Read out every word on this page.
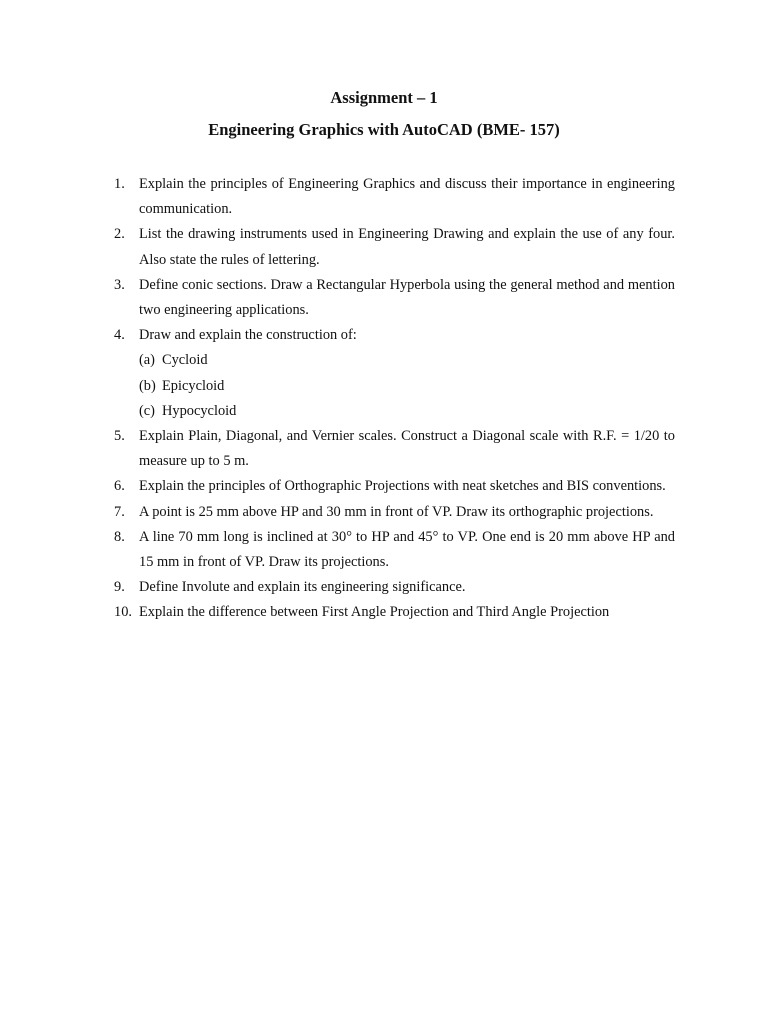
Assignment – 1
Engineering Graphics with AutoCAD (BME- 157)
1. Explain the principles of Engineering Graphics and discuss their importance in engineering communication.
2. List the drawing instruments used in Engineering Drawing and explain the use of any four. Also state the rules of lettering.
3. Define conic sections. Draw a Rectangular Hyperbola using the general method and mention two engineering applications.
4. Draw and explain the construction of:
(a) Cycloid
(b) Epicycloid
(c) Hypocycloid
5. Explain Plain, Diagonal, and Vernier scales. Construct a Diagonal scale with R.F. = 1/20 to measure up to 5 m.
6. Explain the principles of Orthographic Projections with neat sketches and BIS conventions.
7. A point is 25 mm above HP and 30 mm in front of VP. Draw its orthographic projections.
8. A line 70 mm long is inclined at 30° to HP and 45° to VP. One end is 20 mm above HP and 15 mm in front of VP. Draw its projections.
9. Define Involute and explain its engineering significance.
10. Explain the difference between First Angle Projection and Third Angle Projection
